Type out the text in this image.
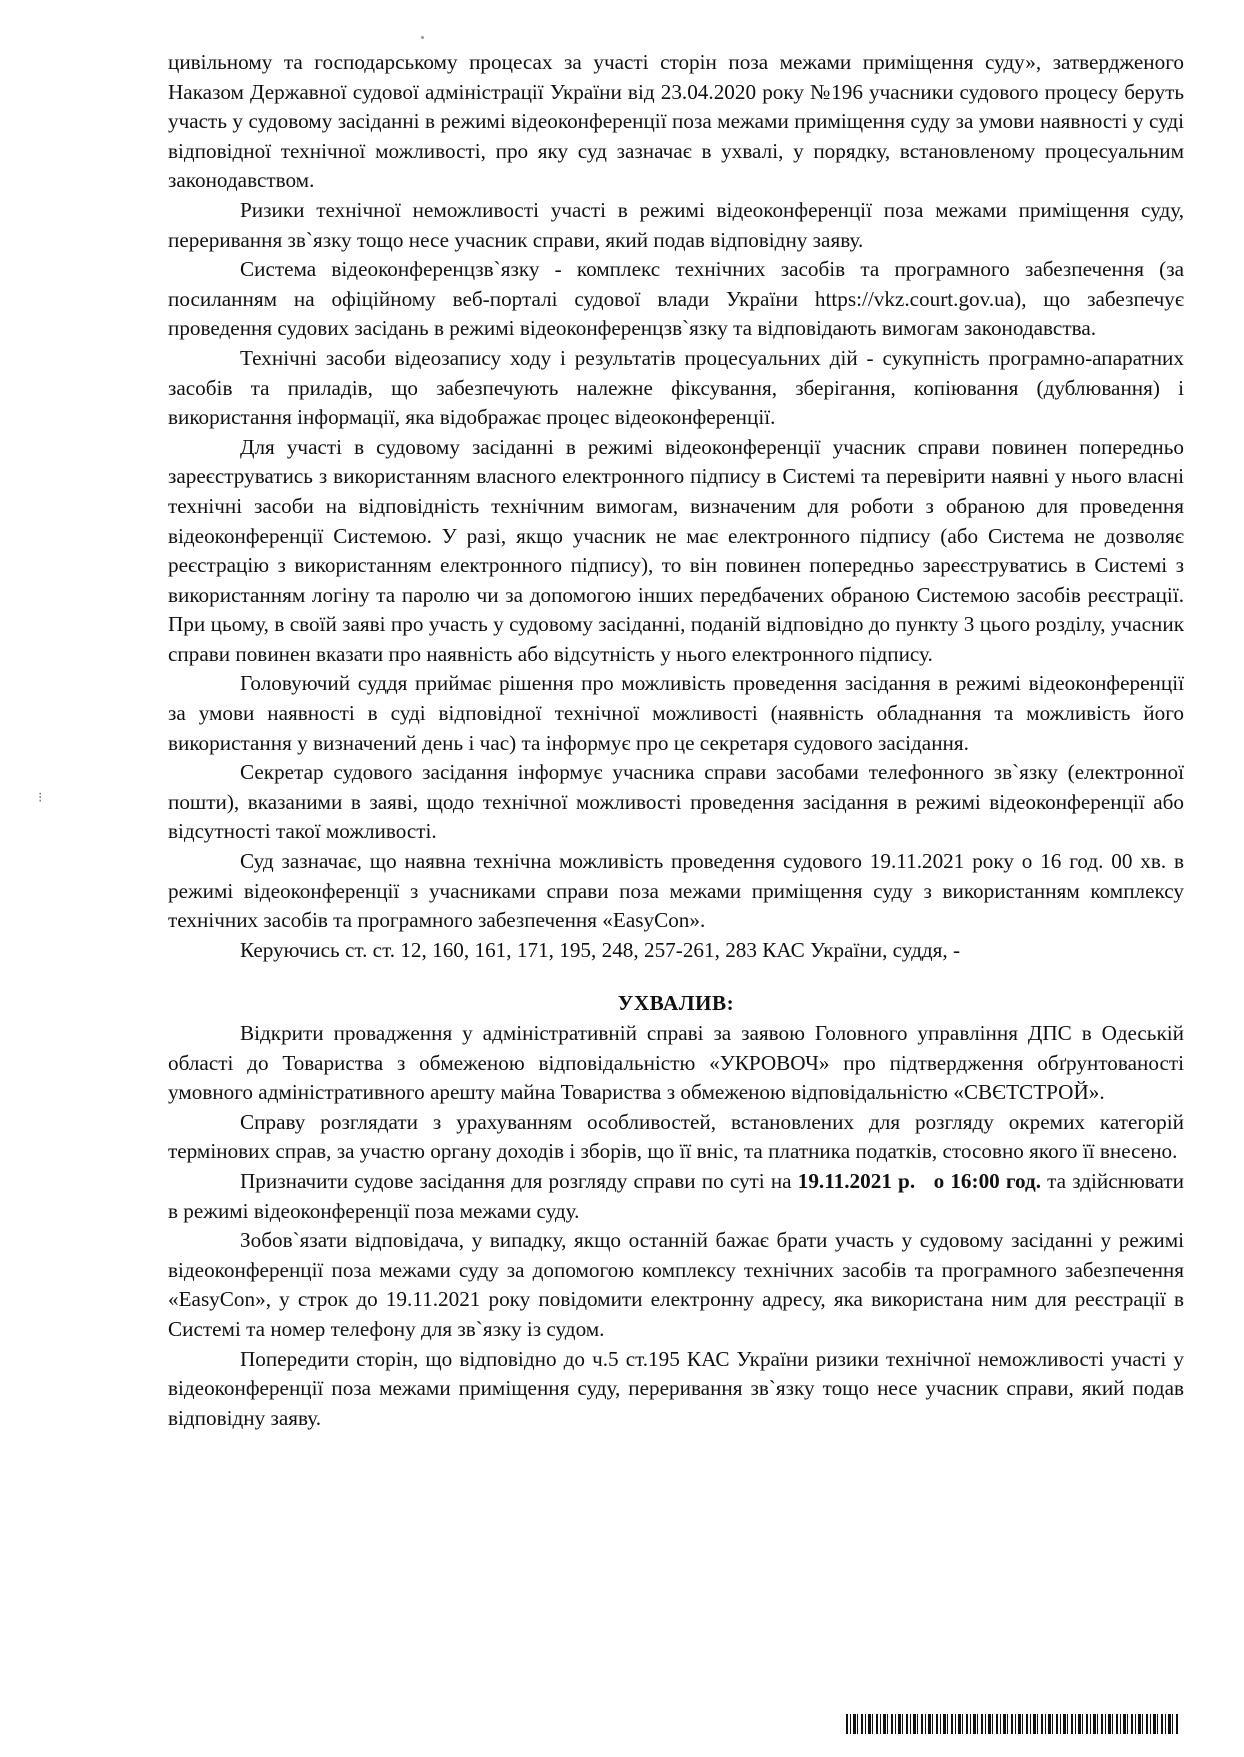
⁝

цивільному та господарському процесах за участі сторін поза межами приміщення суду», затвердженого Наказом Державної судової адміністрації України від 23.04.2020 року №196 учасники судового процесу беруть участь у судовому засіданні в режимі відеоконференції поза межами приміщення суду за умови наявності у суді відповідної технічної можливості, про яку суд зазначає в ухвалі, у порядку, встановленому процесуальним законодавством.

Ризики технічної неможливості участі в режимі відеоконференції поза межами приміщення суду, переривання зв`язку тощо несе учасник справи, який подав відповідну заяву.

Система відеоконференцзв`язку - комплекс технічних засобів та програмного забезпечення (за посиланням на офіційному веб-порталі судової влади України https://vkz.court.gov.ua), що забезпечує проведення судових засідань в режимі відеоконференцзв`язку та відповідають вимогам законодавства.

Технічні засоби відеозапису ходу і результатів процесуальних дій - сукупність програмно-апаратних засобів та приладів, що забезпечують належне фіксування, зберігання, копіювання (дублювання) і використання інформації, яка відображає процес відеоконференції.

Для участі в судовому засіданні в режимі відеоконференції учасник справи повинен попередньо зареєструватись з використанням власного електронного підпису в Системі та перевірити наявні у нього власні технічні засоби на відповідність технічним вимогам, визначеним для роботи з обраною для проведення відеоконференції Системою. У разі, якщо учасник не має електронного підпису (або Система не дозволяє реєстрацію з використанням електронного підпису), то він повинен попередньо зареєструватись в Системі з використанням логіну та паролю чи за допомогою інших передбачених обраною Системою засобів реєстрації. При цьому, в своїй заяві про участь у судовому засіданні, поданій відповідно до пункту 3 цього розділу, учасник справи повинен вказати про наявність або відсутність у нього електронного підпису.

Головуючий суддя приймає рішення про можливість проведення засідання в режимі відеоконференції за умови наявності в суді відповідної технічної можливості (наявність обладнання та можливість його використання у визначений день і час) та інформує про це секретаря судового засідання.

Секретар судового засідання інформує учасника справи засобами телефонного зв`язку (електронної пошти), вказаними в заяві, щодо технічної можливості проведення засідання в режимі відеоконференції або відсутності такої можливості.

Суд зазначає, що наявна технічна можливість проведення судового 19.11.2021 року о 16 год. 00 хв. в режимі відеоконференції з учасниками справи поза межами приміщення суду з використанням комплексу технічних засобів та програмного забезпечення «EasyCon».

Керуючись ст. ст. 12, 160, 161, 171, 195, 248, 257-261, 283 КАС України, суддя, -

УХВАЛИВ:

Відкрити провадження у адміністративній справі за заявою Головного управління ДПС в Одеській області до Товариства з обмеженою відповідальністю «УКРОВОЧ» про підтвердження обґрунтованості умовного адміністративного арешту майна Товариства з обмеженою відповідальністю «СВЄТСТРОЙ».

Справу розглядати з урахуванням особливостей, встановлених для розгляду окремих категорій термінових справ, за участю органу доходів і зборів, що її вніс, та платника податків, стосовно якого її внесено.

Призначити судове засідання для розгляду справи по суті на 19.11.2021 р. о 16:00 год. та здійснювати в режимі відеоконференції поза межами суду.

Зобов`язати відповідача, у випадку, якщо останній бажає брати участь у судовому засіданні у режимі відеоконференції поза межами суду за допомогою комплексу технічних засобів та програмного забезпечення «EasyCon», у строк до 19.11.2021 року повідомити електронну адресу, яка використана ним для реєстрації в Системі та номер телефону для зв`язку із судом.

Попередити сторін, що відповідно до ч.5 ст.195 КАС України ризики технічної неможливості участі у відеоконференції поза межами приміщення суду, переривання зв`язку тощо несе учасник справи, який подав відповідну заяву.
